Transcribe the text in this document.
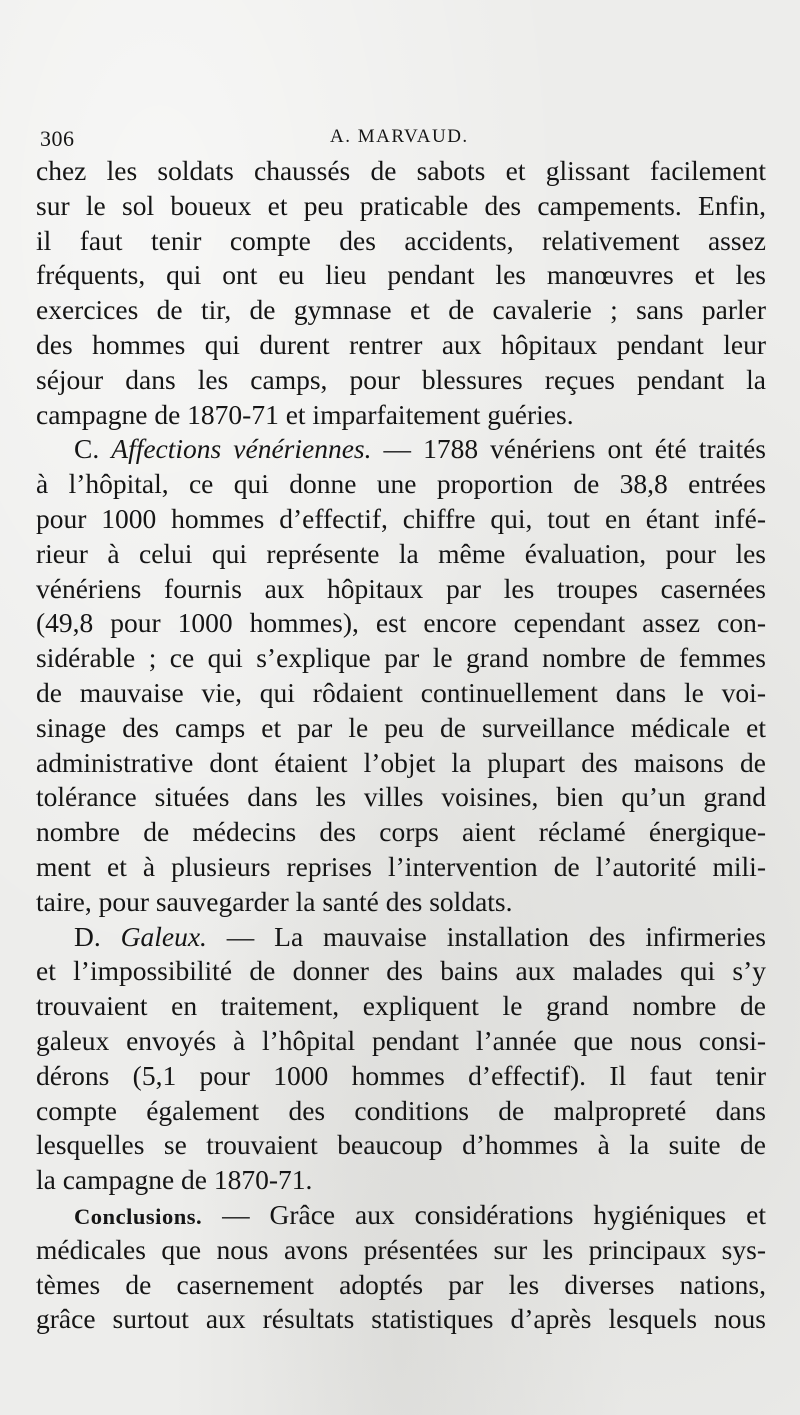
306	A. MARVAUD.
chez les soldats chaussés de sabots et glissant facilement
sur le sol boueux et peu praticable des campements. Enfin,
il faut tenir compte des accidents, relativement assez
fréquents, qui ont eu lieu pendant les manœuvres et les
exercices de tir, de gymnase et de cavalerie ; sans parler
des hommes qui durent rentrer aux hôpitaux pendant leur
séjour dans les camps, pour blessures reçues pendant la
campagne de 1870-71 et imparfaitement guéries.
C. Affections vénériennes. — 1788 vénériens ont été traités
à l’hôpital, ce qui donne une proportion de 38,8 entrées
pour 1000 hommes d’effectif, chiffre qui, tout en étant infé-
rieur à celui qui représente la même évaluation, pour les
vénériens fournis aux hôpitaux par les troupes casernées
(49,8 pour 1000 hommes), est encore cependant assez con-
sidérable ; ce qui s’explique par le grand nombre de femmes
de mauvaise vie, qui rôdaient continuellement dans le voi-
sinage des camps et par le peu de surveillance médicale et
administrative dont étaient l’objet la plupart des maisons de
tolérance situées dans les villes voisines, bien qu’un grand
nombre de médecins des corps aient réclamé énergique-
ment et à plusieurs reprises l’intervention de l’autorité mili-
taire, pour sauvegarder la santé des soldats.
D. Galeux. — La mauvaise installation des infirmeries
et l’impossibilité de donner des bains aux malades qui s’y
trouvaient en traitement, expliquent le grand nombre de
galeux envoyés à l’hôpital pendant l’année que nous consi-
dérons (5,1 pour 1000 hommes d’effectif). Il faut tenir
compte également des conditions de malpropreté dans
lesquelles se trouvaient beaucoup d’hommes à la suite de
la campagne de 1870-71.
Conclusions. — Grâce aux considérations hygiéniques et
médicales que nous avons présentées sur les principaux sys-
tèmes de casernement adoptés par les diverses nations,
grâce surtout aux résultats statistiques d’après lesquels nous
